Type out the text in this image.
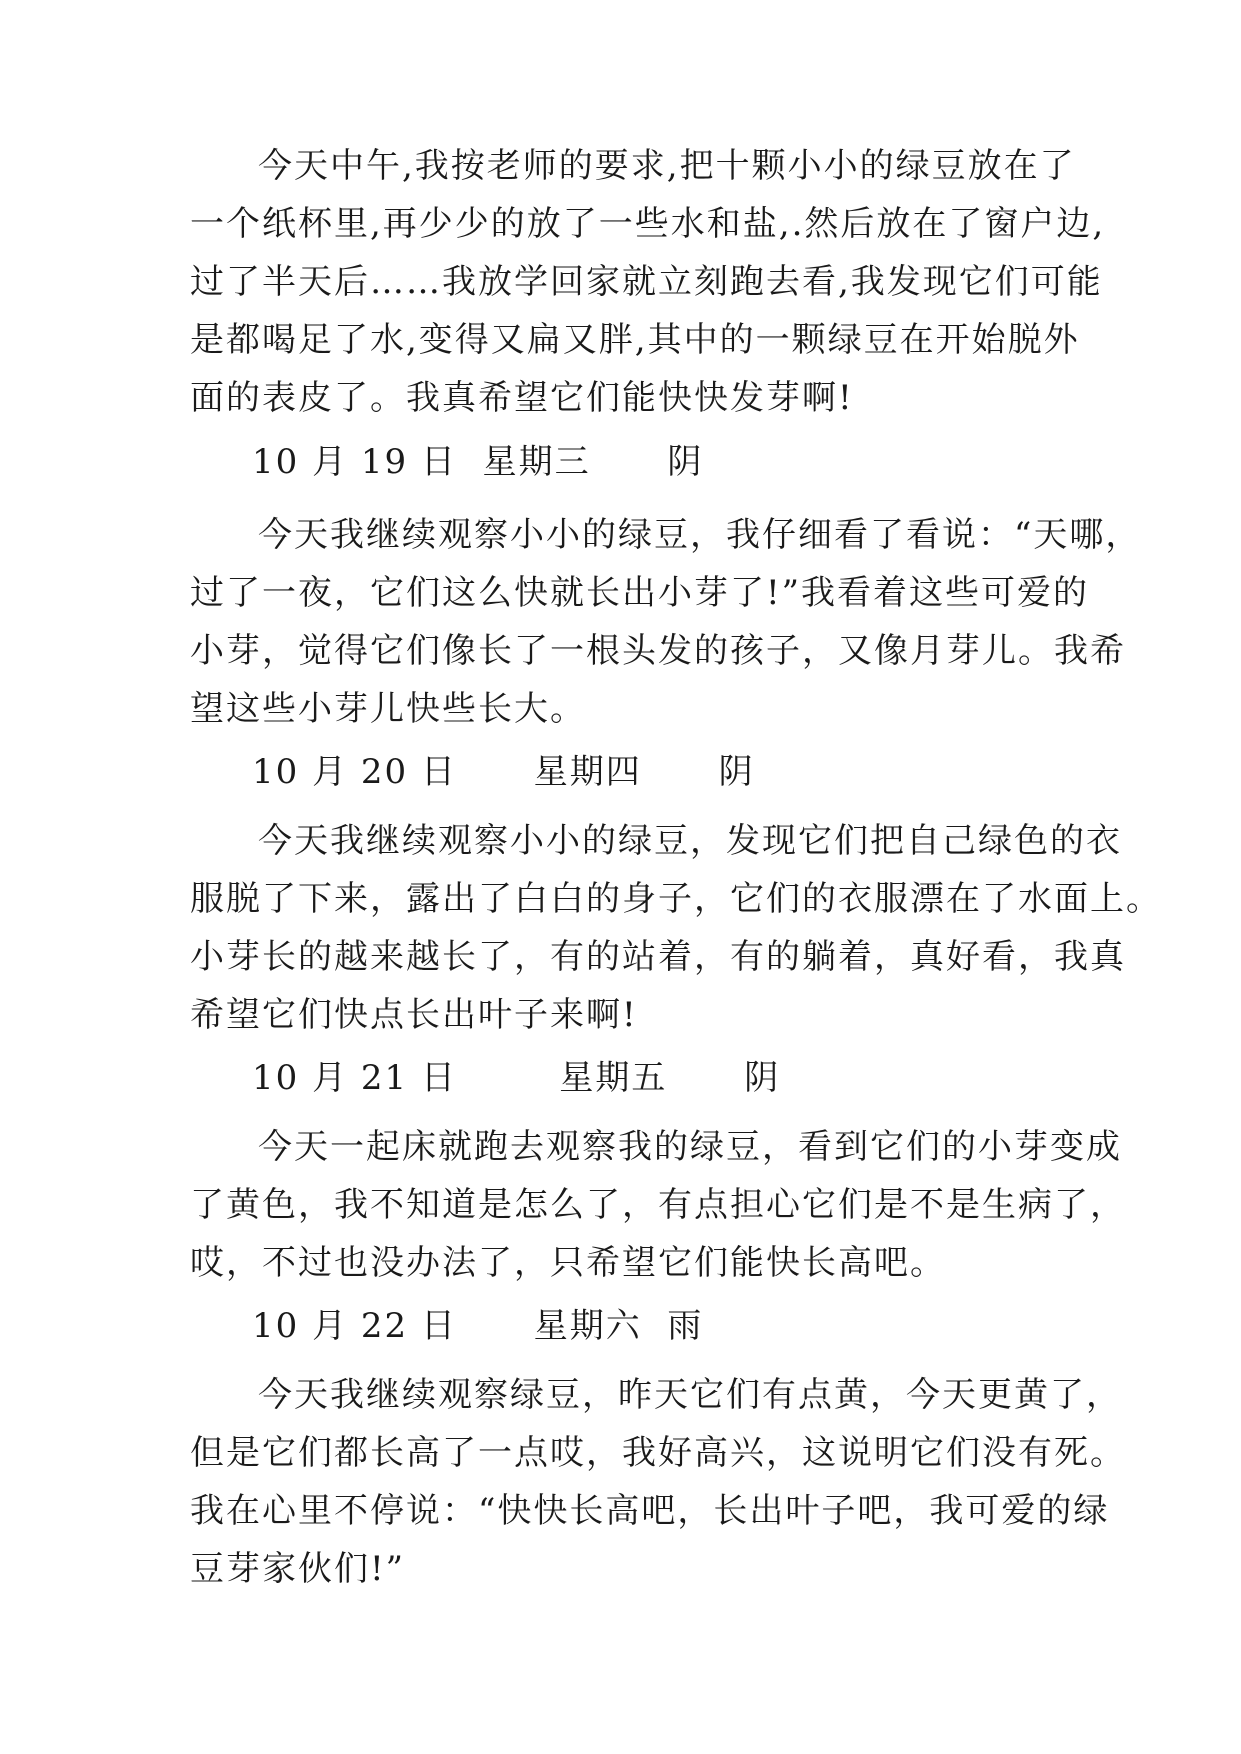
今天中午,我按老师的要求,把十颗小小的绿豆放在了
一个纸杯里,再少少的放了一些水和盐,.然后放在了窗户边,
过了半天后……我放学回家就立刻跑去看,我发现它们可能
是都喝足了水,变得又扁又胖,其中的一颗绿豆在开始脱外
面的表皮了。我真希望它们能快快发芽啊!
10 月 19 日  星期三      阴
今天我继续观察小小的绿豆，我仔细看了看说：“天哪，
过了一夜，它们这么快就长出小芽了!”我看着这些可爱的
小芽，觉得它们像长了一根头发的孩子，又像月芽儿。我希
望这些小芽儿快些长大。
10 月 20 日      星期四      阴
今天我继续观察小小的绿豆，发现它们把自己绿色的衣
服脱了下来，露出了白白的身子，它们的衣服漂在了水面上。
小芽长的越来越长了，有的站着，有的躺着，真好看，我真
希望它们快点长出叶子来啊!
10 月 21 日        星期五      阴
今天一起床就跑去观察我的绿豆，看到它们的小芽变成
了黄色，我不知道是怎么了，有点担心它们是不是生病了，
哎，不过也没办法了，只希望它们能快长高吧。
10 月 22 日      星期六  雨
今天我继续观察绿豆，昨天它们有点黄，今天更黄了，
但是它们都长高了一点哎，我好高兴，这说明它们没有死。
我在心里不停说：“快快长高吧，长出叶子吧，我可爱的绿
豆芽家伙们!”
